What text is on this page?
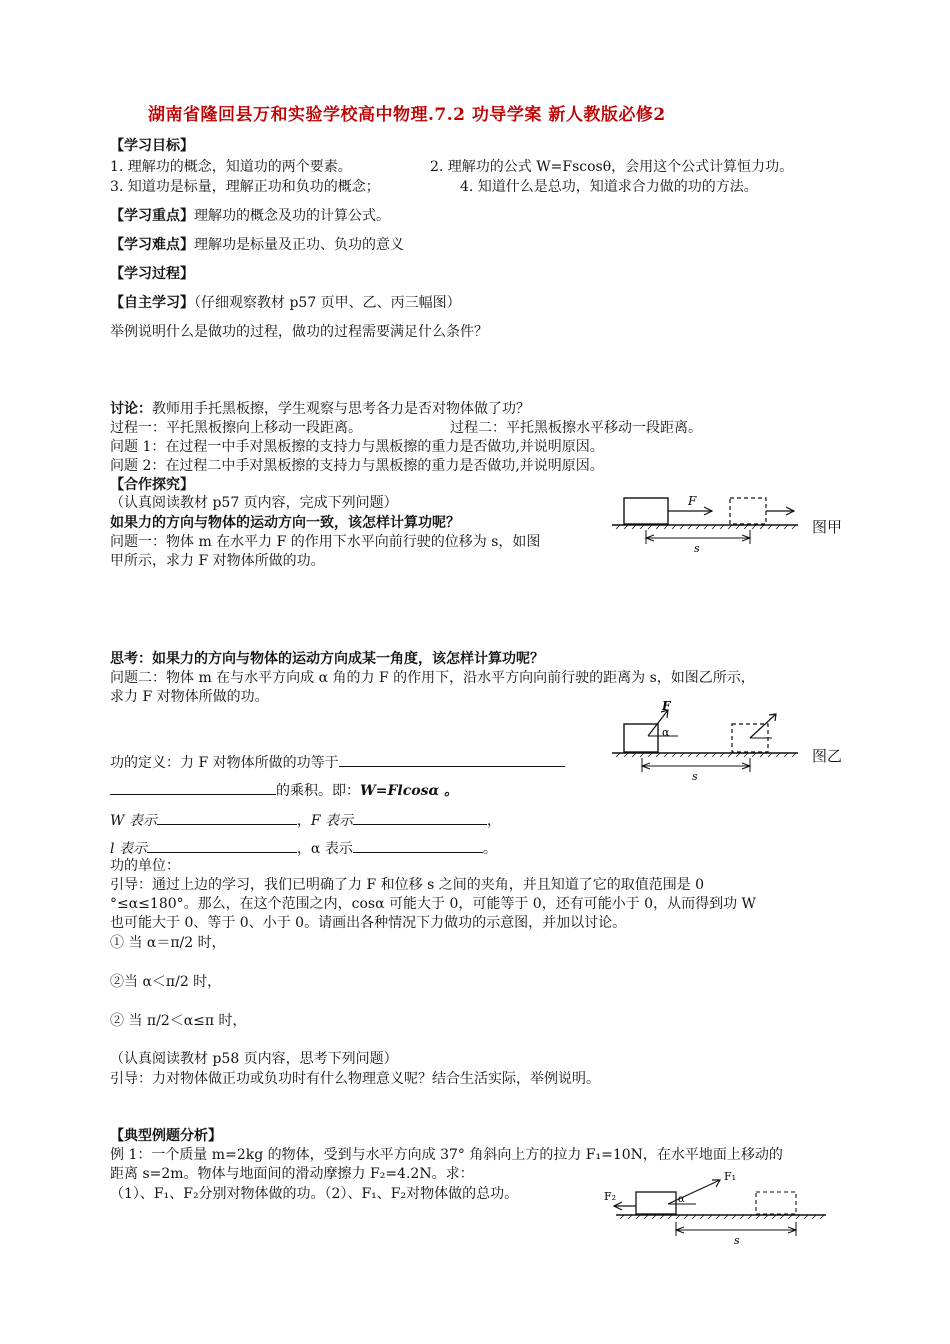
湖南省隆回县万和实验学校高中物理.7.2 功导学案 新人教版必修2
【学习目标】
1. 理解功的概念，知道功的两个要素。	2. 理解功的公式 W=Fscosθ，会用这个公式计算恒力功。
3. 知道功是标量，理解正功和负功的概念；	4. 知道什么是总功，知道求合力做的功的方法。
【学习重点】理解功的概念及功的计算公式。
【学习难点】理解功是标量及正功、负功的意义
【学习过程】
【自主学习】（仔细观察教材 p57 页甲、乙、丙三幅图）
举例说明什么是做功的过程，做功的过程需要满足什么条件？
讨论：教师用手托黑板擦，学生观察与思考各力是否对物体做了功？
过程一：平托黑板擦向上移动一段距离。	过程二：平托黑板擦水平移动一段距离。
问题 1：在过程一中手对黑板擦的支持力与黑板擦的重力是否做功,并说明原因。
问题 2：在过程二中手对黑板擦的支持力与黑板擦的重力是否做功,并说明原因。
【合作探究】
（认真阅读教材 p57 页内容，完成下列问题）
如果力的方向与物体的运动方向一致，该怎样计算功呢？
问题一：物体 m 在水平力 F 的作用下水平向前行驶的位移为 s，如图
甲所示，求力 F 对物体所做的功。
F
s
图甲
思考：如果力的方向与物体的运动方向成某一角度，该怎样计算功呢？
问题二：物体 m 在与水平方向成 α 角的力 F 的作用下，沿水平方向向前行驶的距离为 s，如图乙所示，
求力 F 对物体所做的功。
F
α
s
图乙
功的定义：力 F 对物体所做的功等于
的乘积。即：W=Flcosα 。
W 表示	，F 表示	，
l 表示	，α 表示	。
功的单位：
引导：通过上边的学习，我们已明确了力 F 和位移 s 之间的夹角，并且知道了它的取值范围是 0
°≤α≤180°。那么，在这个范围之内，cosα 可能大于 0，可能等于 0，还有可能小于 0，从而得到功 W
也可能大于 0、等于 0、小于 0。请画出各种情况下力做功的示意图，并加以讨论。
① 当 α＝π/2 时，
②当 α＜π/2 时，
② 当 π/2＜α≤π 时，
（认真阅读教材 p58 页内容，思考下列问题）
引导：力对物体做正功或负功时有什么物理意义呢？结合生活实际，举例说明。
【典型例题分析】
例 1：一个质量 m=2kg 的物体，受到与水平方向成 37° 角斜向上方的拉力 F₁=10N，在水平地面上移动的
距离 s=2m。物体与地面间的滑动摩擦力 F₂=4.2N。求：
（1）、F₁、F₂分别对物体做的功。（2）、F₁、F₂对物体做的总功。	F₂
F₁
α
s
